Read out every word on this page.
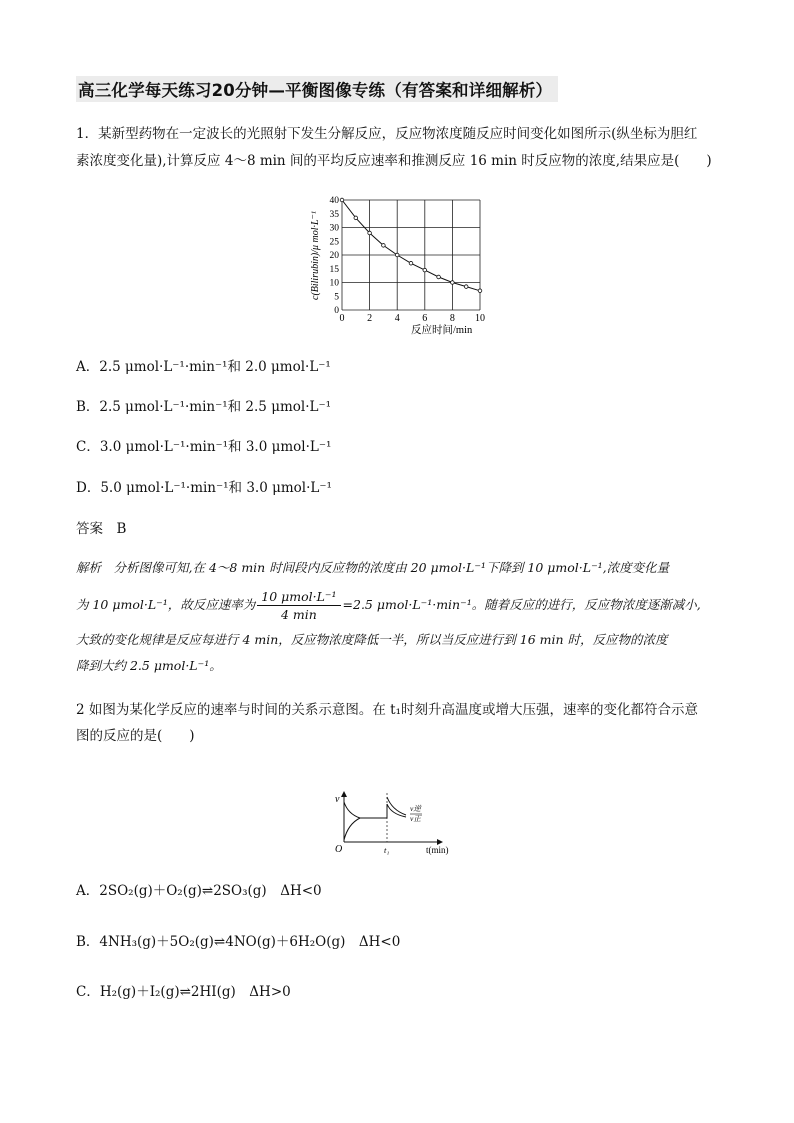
高三化学每天练习20分钟—平衡图像专练（有答案和详细解析）
1．某新型药物在一定波长的光照射下发生分解反应，反应物浓度随反应时间变化如图所示(纵坐标为胆红
素浓度变化量),计算反应 4～8 min 间的平均反应速率和推测反应 16 min 时反应物的浓度,结果应是(　　)
0 2 4 6 8 10
0
5
10
15
20
25
30
35
40
反应时间/min
c(Bilirubin)/μ mol·L⁻¹
A．2.5 μmol·L⁻¹·min⁻¹和 2.0 μmol·L⁻¹
B．2.5 μmol·L⁻¹·min⁻¹和 2.5 μmol·L⁻¹
C．3.0 μmol·L⁻¹·min⁻¹和 3.0 μmol·L⁻¹
D．5.0 μmol·L⁻¹·min⁻¹和 3.0 μmol·L⁻¹
答案　B
解析　分析图像可知,在 4～8 min 时间段内反应物的浓度由 20 μmol·L⁻¹下降到 10 μmol·L⁻¹,浓度变化量
为 10 μmol·L⁻¹，故反应速率为 $\frac{\text{10 μmol·L⁻¹}}{4 \min} =2.5$ μmol·L⁻¹·min⁻¹。随着反应的进行，反应物浓度逐渐减小,
大致的变化规律是反应每进行 4 min，反应物浓度降低一半，所以当反应进行到 16 min 时，反应物的浓度
降到大约 2.5 μmol·L⁻¹。
2 如图为某化学反应的速率与时间的关系示意图。在 t₁时刻升高温度或增大压强，速率的变化都符合示意
图的反应的是(　　)
v
O	t₁	t(min)
v逆
v正
A．2SO₂(g)＋O₂(g)⇌2SO₃(g)　ΔH<0
B．4NH₃(g)＋5O₂(g)⇌4NO(g)＋6H₂O(g)　ΔH<0
C．H₂(g)＋I₂(g)⇌2HI(g)　ΔH>0
